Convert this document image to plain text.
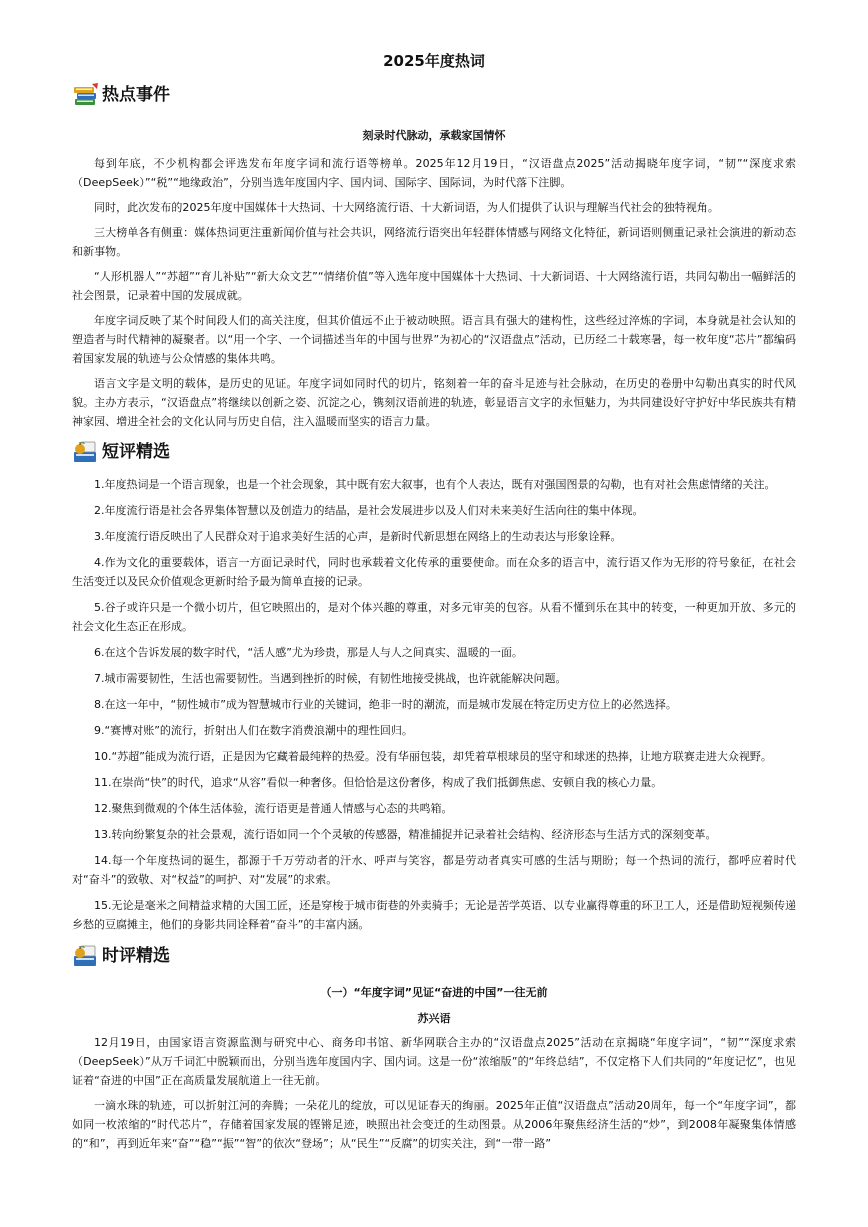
2025年度热词
热点事件
刻录时代脉动，承载家国情怀

每到年底，不少机构都会评选发布年度字词和流行语等榜单。2025年12月19日，“汉语盘点2025”活动揭晓年度字词，“韧”“深度求索（DeepSeek）”“税”“地缘政治”，分别当选年度国内字、国内词、国际字、国际词，为时代落下注脚。

同时，此次发布的2025年度中国媒体十大热词、十大网络流行语、十大新词语，为人们提供了认识与理解当代社会的独特视角。

三大榜单各有侧重：媒体热词更注重新闻价值与社会共识，网络流行语突出年轻群体情感与网络文化特征，新词语则侧重记录社会演进的新动态和新事物。

“人形机器人”“苏超”“育儿补贴”“新大众文艺”“情绪价值”等入选年度中国媒体十大热词、十大新词语、十大网络流行语，共同勾勒出一幅鲜活的社会图景，记录着中国的发展成就。

年度字词反映了某个时间段人们的高关注度，但其价值远不止于被动映照。语言具有强大的建构性，这些经过淬炼的字词，本身就是社会认知的塑造者与时代精神的凝聚者。以“用一个字、一个词描述当年的中国与世界”为初心的“汉语盘点”活动，已历经二十载寒暑，每一枚年度“芯片”都编码着国家发展的轨迹与公众情感的集体共鸣。

语言文字是文明的载体，是历史的见证。年度字词如同时代的切片，铭刻着一年的奋斗足迹与社会脉动，在历史的卷册中勾勒出真实的时代风貌。主办方表示，“汉语盘点”将继续以创新之姿、沉淀之心，镌刻汉语前进的轨迹，彰显语言文字的永恒魅力，为共同建设好守护好中华民族共有精神家园、增进全社会的文化认同与历史自信，注入温暖而坚实的语言力量。

短评精选

1.年度热词是一个语言现象，也是一个社会现象，其中既有宏大叙事，也有个人表达，既有对强国图景的勾勒，也有对社会焦虑情绪的关注。

2.年度流行语是社会各界集体智慧以及创造力的结晶，是社会发展进步以及人们对未来美好生活向往的集中体现。

3.年度流行语反映出了人民群众对于追求美好生活的心声，是新时代新思想在网络上的生动表达与形象诠释。

4.作为文化的重要载体，语言一方面记录时代，同时也承载着文化传承的重要使命。而在众多的语言中，流行语又作为无形的符号象征，在社会生活变迁以及民众价值观念更新时给予最为简单直接的记录。

5.谷子或许只是一个微小切片，但它映照出的，是对个体兴趣的尊重，对多元审美的包容。从看不懂到乐在其中的转变，一种更加开放、多元的社会文化生态正在形成。

6.在这个告诉发展的数字时代，“活人感”尤为珍贵，那是人与人之间真实、温暖的一面。

7.城市需要韧性，生活也需要韧性。当遇到挫折的时候，有韧性地接受挑战，也许就能解决问题。

8.在这一年中，“韧性城市”成为智慧城市行业的关键词，绝非一时的潮流，而是城市发展在特定历史方位上的必然选择。

9.“赛博对账”的流行，折射出人们在数字消费浪潮中的理性回归。

10.“苏超”能成为流行语，正是因为它藏着最纯粹的热爱。没有华丽包装，却凭着草根球员的坚守和球迷的热捧，让地方联赛走进大众视野。

11.在崇尚“快”的时代，追求“从容”看似一种奢侈。但恰恰是这份奢侈，构成了我们抵御焦虑、安顿自我的核心力量。

12.聚焦到微观的个体生活体验，流行语更是普通人情感与心态的共鸣箱。

13.转向纷繁复杂的社会景观，流行语如同一个个灵敏的传感器，精准捕捉并记录着社会结构、经济形态与生活方式的深刻变革。

14.每一个年度热词的诞生，都源于千万劳动者的汗水、呼声与笑容，都是劳动者真实可感的生活与期盼；每一个热词的流行，都呼应着时代对“奋斗”的致敬、对“权益”的呵护、对“发展”的求索。

15.无论是毫米之间精益求精的大国工匠，还是穿梭于城市街巷的外卖骑手；无论是苦学英语、以专业赢得尊重的环卫工人，还是借助短视频传递乡愁的豆腐摊主，他们的身影共同诠释着“奋斗”的丰富内涵。

时评精选
（一）“年度字词”见证“奋进的中国”一往无前
苏兴语

12月19日，由国家语言资源监测与研究中心、商务印书馆、新华网联合主办的“汉语盘点2025”活动在京揭晓“年度字词”，“韧”“深度求索（DeepSeek）”从万千词汇中脱颖而出，分别当选年度国内字、国内词。这是一份“浓缩版”的“年终总结”，不仅定格下人们共同的“年度记忆”，也见证着“奋进的中国”正在高质量发展航道上一往无前。

一滴水珠的轨迹，可以折射江河的奔腾；一朵花儿的绽放，可以见证春天的绚丽。2025年正值“汉语盘点”活动20周年，每一个“年度字词”，都如同一枚浓缩的“时代芯片”，存储着国家发展的铿锵足迹，映照出社会变迁的生动图景。从2006年聚焦经济生活的“炒”，到2008年凝聚集体情感的“和”，再到近年来“奋”“稳”“振”“智”的依次“登场”；从“民生”“反腐”的切实关注，到“一带一路”
